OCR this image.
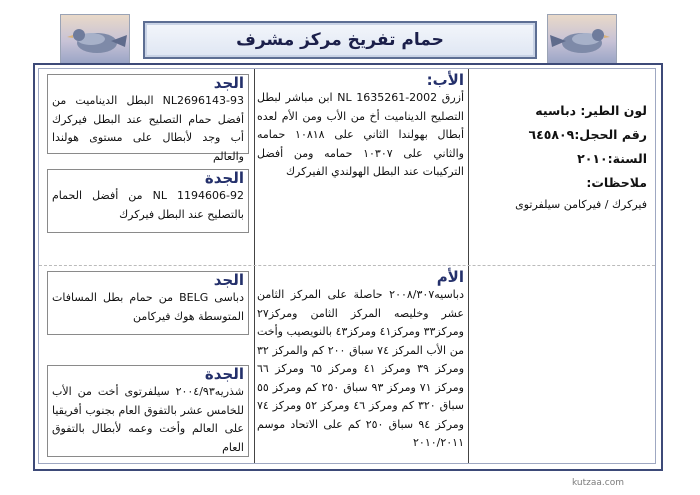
حمام تفريخ مركز مشرف
لون الطير: دباسيه
رقم الحجل:٦٤٥٨٠٩
السنة:٢٠١٠
ملاحظات:
فيركرك / فيركامن سيلفرتوى
الأب:
أزرق NL 1635261-2002 ابن مباشر لبطل التصليح الديناميت أخ من الأب ومن الأم لعده أبطال بهولندا الثاني على ١٠٨١٨ حمامه والثاني على ١٠٣٠٧ حمامه ومن أفضل التركيبات عند البطل الهولندي الفيركرك
الأم
دباسيه٢٠٠٨/٣٠٧ حاصلة على المركز الثامن عشر وخليصه المركز الثامن ومركز٢٧ ومركز٣٣ ومركز٤١ ومركز٤٣ بالنويصيب وأخت من الأب المركز ٧٤ سباق ٢٠٠ كم والمركز ٣٢ ومركز ٣٩ ومركز ٤١ ومركز ٦٥ ومركز ٦٦ ومركز ٧١ ومركز ٩٣ سباق ٢٥٠ كم ومركز ٥٥ سباق ٣٢٠ كم ومركز ٤٦ ومركز ٥٢ ومركز ٧٤ ومركز ٩٤ سباق ٢٥٠ كم على الاتحاد موسم ٢٠١٠/٢٠١١
الجد
NL2696143-93 البطل الديناميت من أفضل حمام التصليح عند البطل فيركرك أب وجد لأبطال على مستوى هولندا والعالم
الجدة
NL 1194606-92 من أفضل الحمام بالتصليح عند البطل فيركرك
الجد
دباسى BELG من حمام بطل المسافات المتوسطة هوك فيركامن
الجدة
شذريه٢٠٠٤/٩٣ سيلفرتوى أخت من الأب للخامس عشر بالتفوق العام بجنوب أفريقيا على العالم وأخت وعمه لأبطال بالتفوق العام
kutzaa.com
